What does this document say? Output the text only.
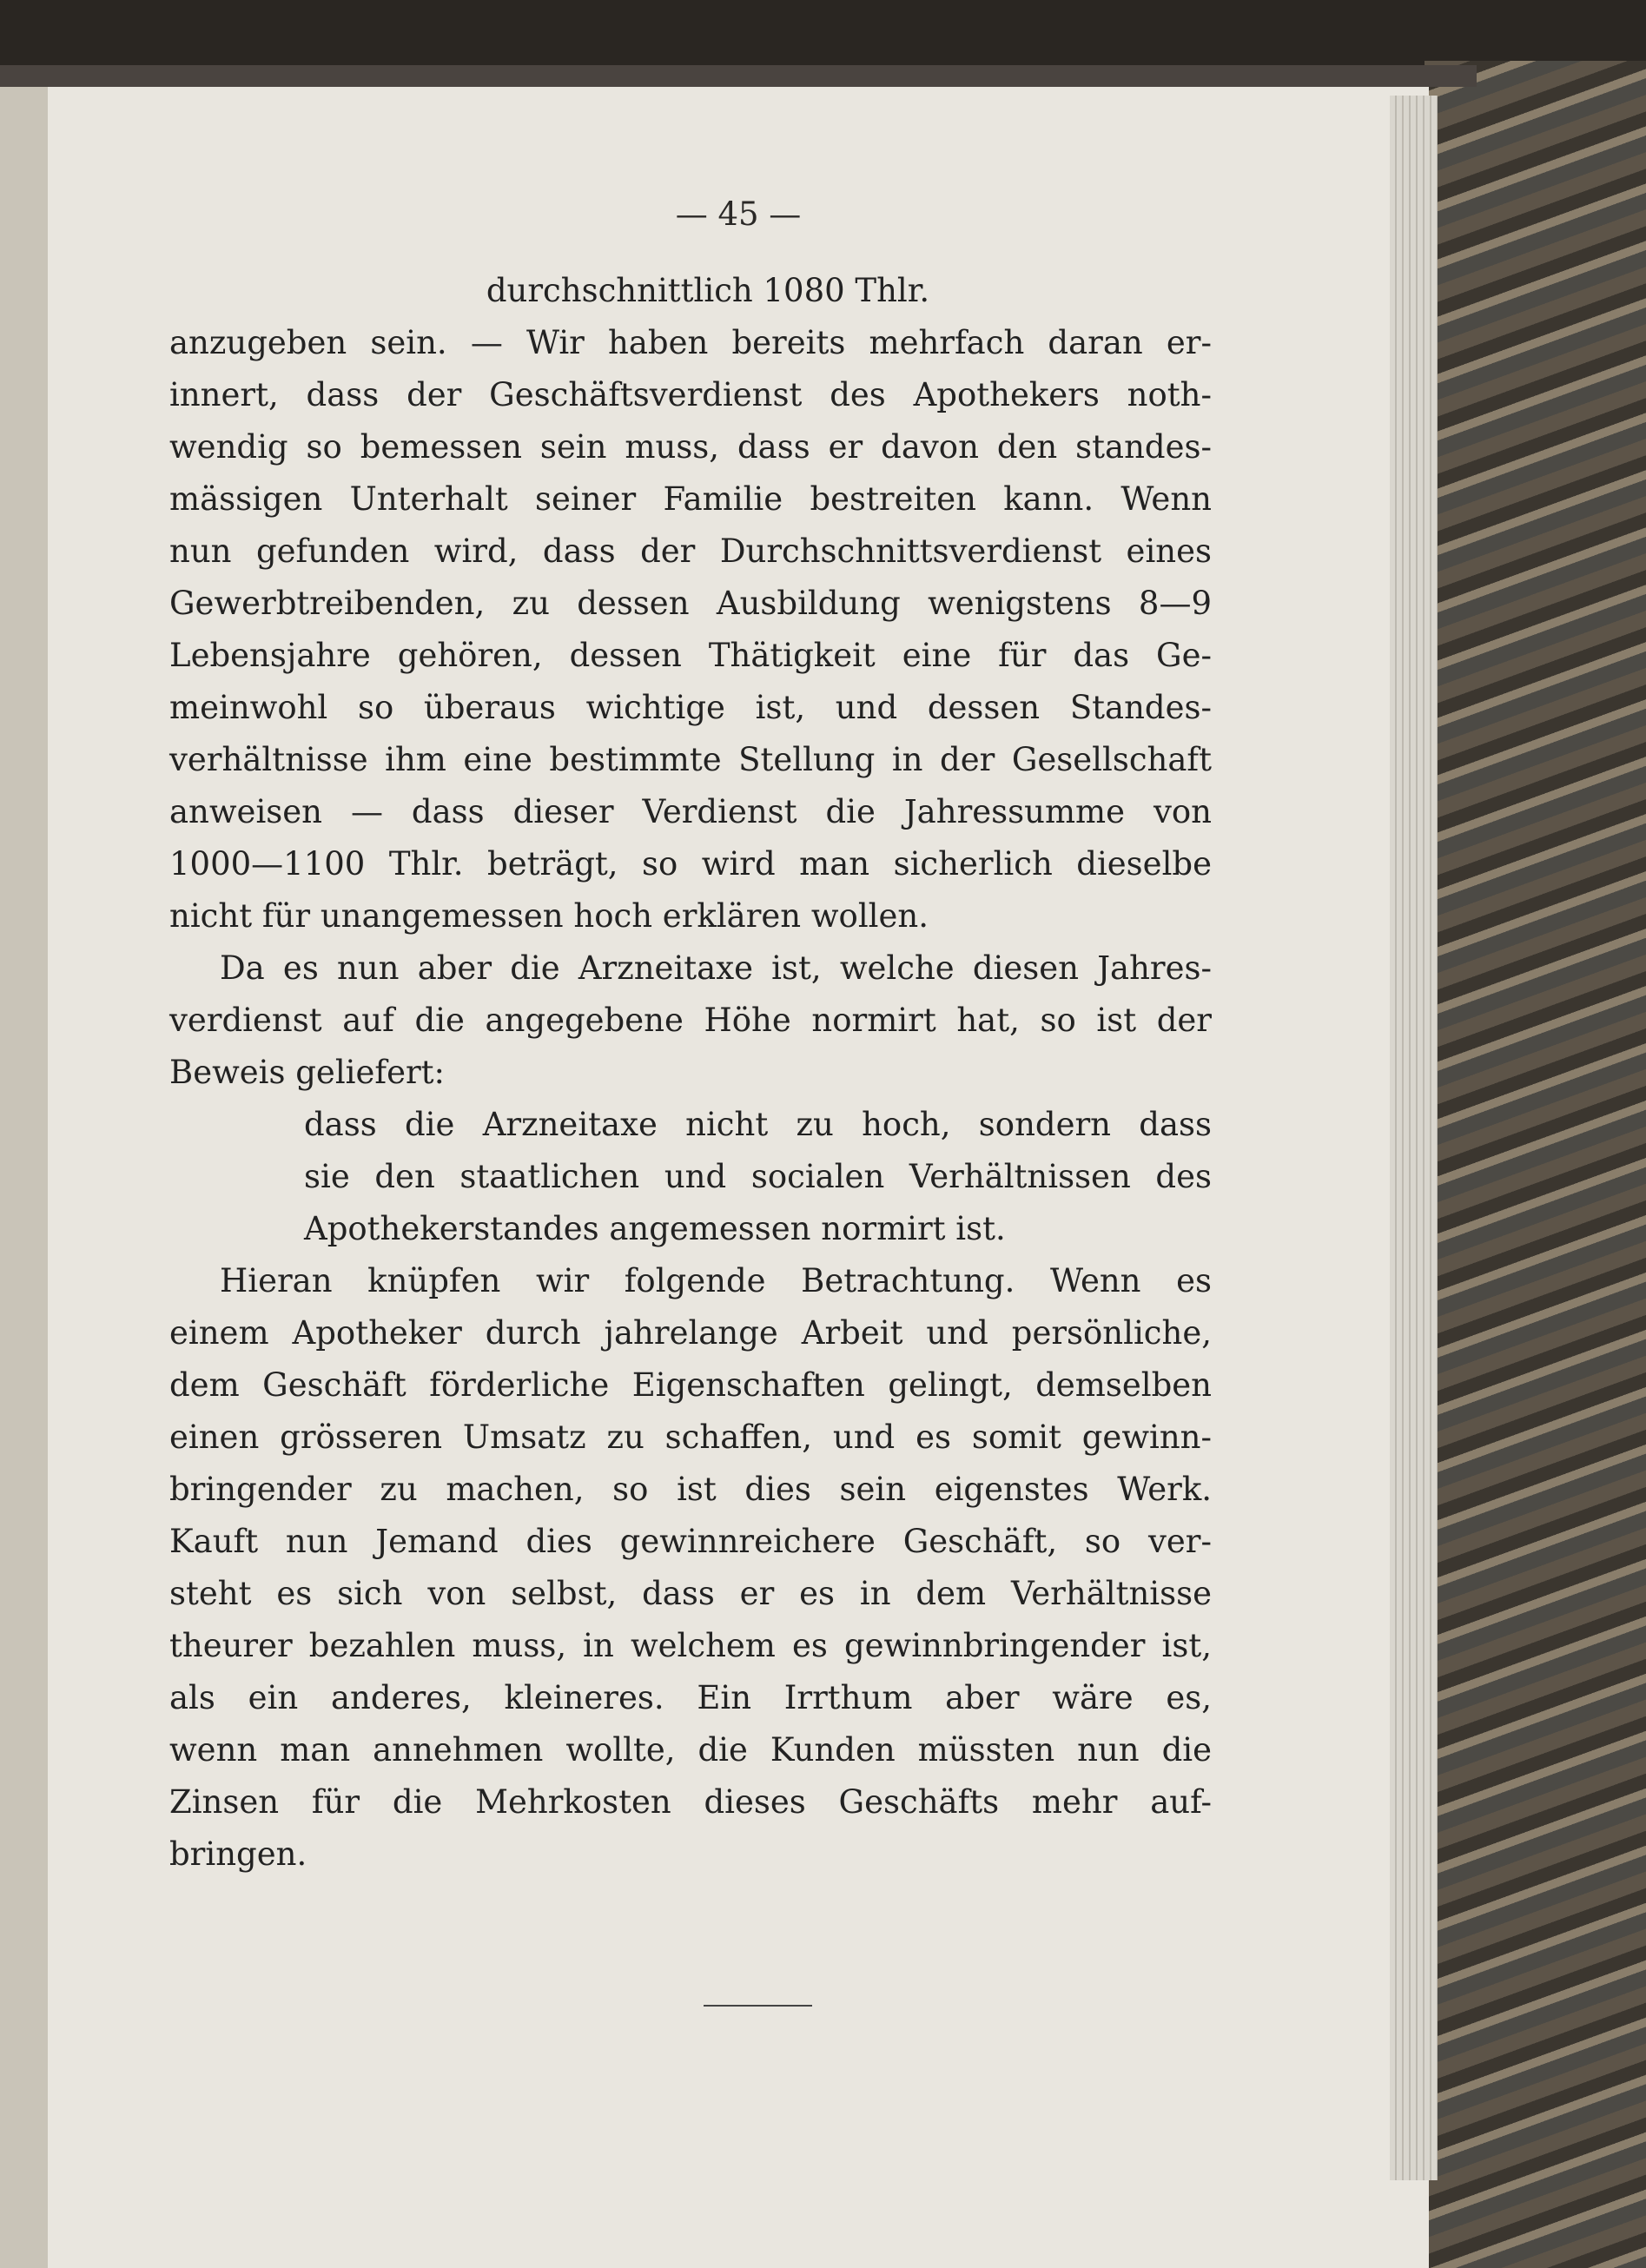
— 45 —
durchschnittlich 1080 Thlr.
anzugeben sein. — Wir haben bereits mehrfach daran er-
innert, dass der Geschäftsverdienst des Apothekers noth-
wendig so bemessen sein muss, dass er davon den standes-
mässigen Unterhalt seiner Familie bestreiten kann. Wenn
nun gefunden wird, dass der Durchschnittsverdienst eines
Gewerbtreibenden, zu dessen Ausbildung wenigstens 8—9
Lebensjahre gehören, dessen Thätigkeit eine für das Ge-
meinwohl so überaus wichtige ist, und dessen Standes-
verhältnisse ihm eine bestimmte Stellung in der Gesellschaft
anweisen — dass dieser Verdienst die Jahressumme von
1000—1100 Thlr. beträgt, so wird man sicherlich dieselbe
nicht für unangemessen hoch erklären wollen.
Da es nun aber die Arzneitaxe ist, welche diesen Jahres-
verdienst auf die angegebene Höhe normirt hat, so ist der
Beweis geliefert:
dass die Arzneitaxe nicht zu hoch, sondern dass
sie den staatlichen und socialen Verhältnissen des
Apothekerstandes angemessen normirt ist.
Hieran knüpfen wir folgende Betrachtung. Wenn es
einem Apotheker durch jahrelange Arbeit und persönliche,
dem Geschäft förderliche Eigenschaften gelingt, demselben
einen grösseren Umsatz zu schaffen, und es somit gewinn-
bringender zu machen, so ist dies sein eigenstes Werk.
Kauft nun Jemand dies gewinnreichere Geschäft, so ver-
steht es sich von selbst, dass er es in dem Verhältnisse
theurer bezahlen muss, in welchem es gewinnbringender ist,
als ein anderes, kleineres. Ein Irrthum aber wäre es,
wenn man annehmen wollte, die Kunden müssten nun die
Zinsen für die Mehrkosten dieses Geschäfts mehr auf-
bringen.
